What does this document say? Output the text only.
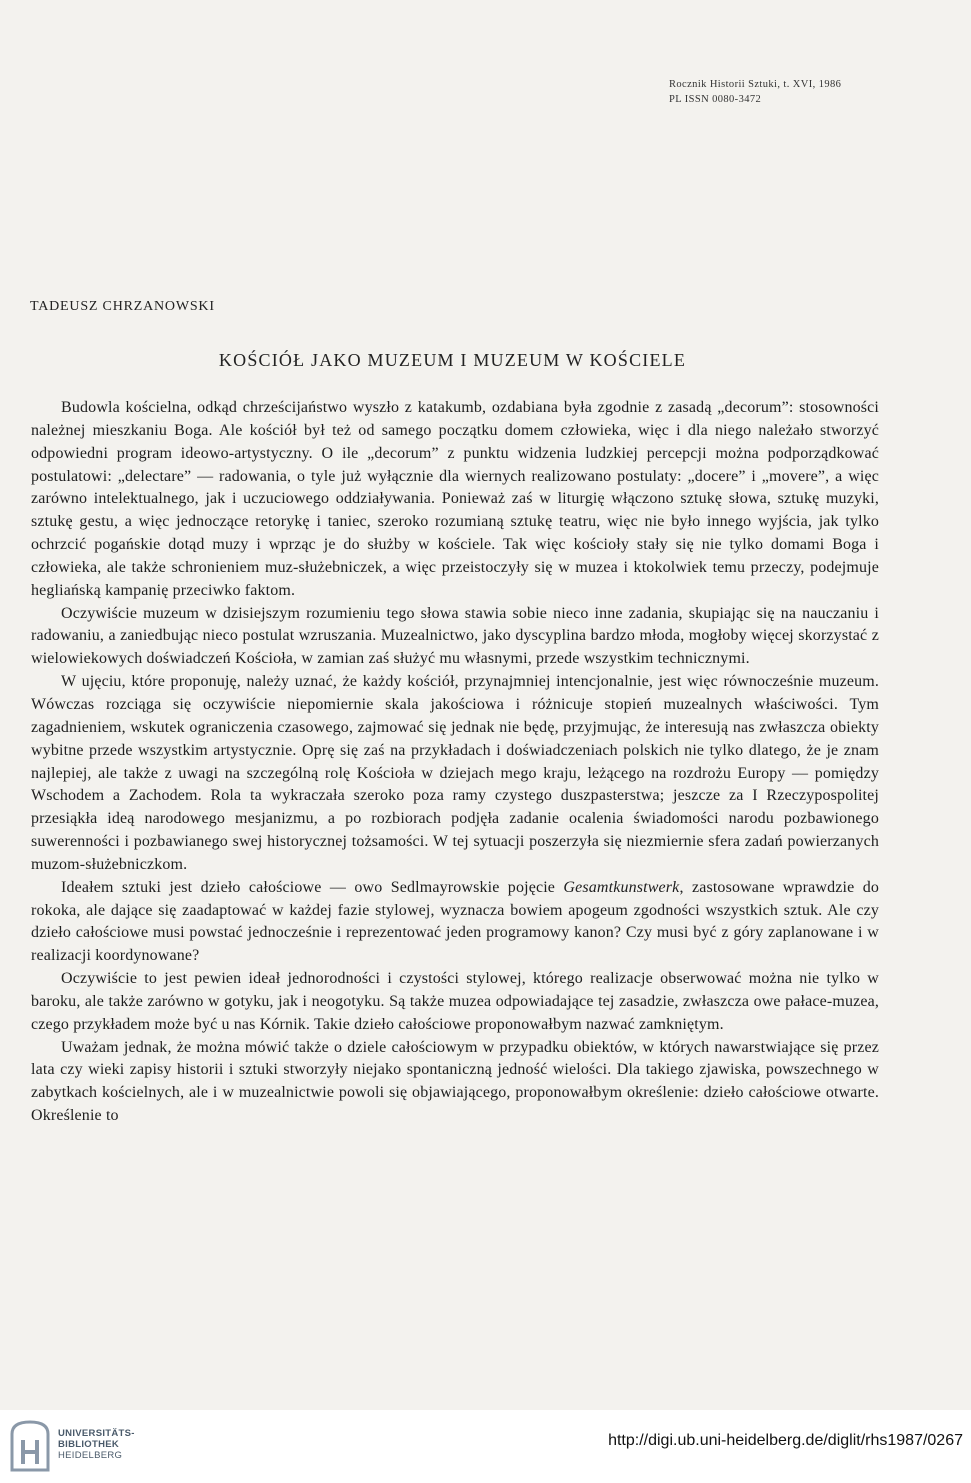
Rocznik Historii Sztuki, t. XVI, 1986
PL ISSN 0080-3472
TADEUSZ CHRZANOWSKI
KOŚCIÓŁ JAKO MUZEUM I MUZEUM W KOŚCIELE

Budowla kościelna, odkąd chrześcijaństwo wyszło z katakumb, ozdabiana była zgodnie z zasadą „decorum”: stosowności należnej mieszkaniu Boga. Ale kościół był też od samego początku domem człowieka, więc i dla niego należało stworzyć odpowiedni program ideowo-artystyczny. O ile „decorum” z punktu widzenia ludzkiej percepcji można podporządkować postulatowi: „delectare” — radowania, o tyle już wyłącznie dla wiernych realizowano postulaty: „docere” i „movere”, a więc zarówno intelektualnego, jak i uczuciowego oddziaływania. Ponieważ zaś w liturgię włączono sztukę słowa, sztukę muzyki, sztukę gestu, a więc jednoczące retorykę i taniec, szeroko rozumianą sztukę teatru, więc nie było innego wyjścia, jak tylko ochrzcić pogańskie dotąd muzy i wprząc je do służby w kościele. Tak więc kościoły stały się nie tylko domami Boga i człowieka, ale także schronieniem muz-służebniczek, a więc przeistoczyły się w muzea i ktokolwiek temu przeczy, podejmuje hegliańską kampanię przeciwko faktom.

Oczywiście muzeum w dzisiejszym rozumieniu tego słowa stawia sobie nieco inne zadania, skupiając się na nauczaniu i radowaniu, a zaniedbując nieco postulat wzruszania. Muzealnictwo, jako dyscyplina bardzo młoda, mogłoby więcej skorzystać z wielowiekowych doświadczeń Kościoła, w zamian zaś służyć mu własnymi, przede wszystkim technicznymi.

W ujęciu, które proponuję, należy uznać, że każdy kościół, przynajmniej intencjonalnie, jest więc równocześnie muzeum. Wówczas rozciąga się oczywiście niepomiernie skala jakościowa i różnicuje stopień muzealnych właściwości. Tym zagadnieniem, wskutek ograniczenia czasowego, zajmować się jednak nie będę, przyjmując, że interesują nas zwłaszcza obiekty wybitne przede wszystkim artystycznie. Oprę się zaś na przykładach i doświadczeniach polskich nie tylko dlatego, że je znam najlepiej, ale także z uwagi na szczególną rolę Kościoła w dziejach mego kraju, leżącego na rozdrożu Europy — pomiędzy Wschodem a Zachodem. Rola ta wykraczała szeroko poza ramy czystego duszpasterstwa; jeszcze za I Rzeczypospolitej przesiąkła ideą narodowego mesjanizmu, a po rozbiorach podjęła zadanie ocalenia świadomości narodu pozbawionego suwerenności i pozbawianego swej historycznej tożsamości. W tej sytuacji poszerzyła się niezmiernie sfera zadań powierzanych muzom-służebniczkom.

Ideałem sztuki jest dzieło całościowe — owo Sedlmayrowskie pojęcie Gesamtkunstwerk, zastosowane wprawdzie do rokoka, ale dające się zaadaptować w każdej fazie stylowej, wyznacza bowiem apogeum zgodności wszystkich sztuk. Ale czy dzieło całościowe musi powstać jednocześnie i reprezentować jeden programowy kanon? Czy musi być z góry zaplanowane i w realizacji koordynowane?

Oczywiście to jest pewien ideał jednorodności i czystości stylowej, którego realizacje obserwować można nie tylko w baroku, ale także zarówno w gotyku, jak i neogotyku. Są także muzea odpowiadające tej zasadzie, zwłaszcza owe pałace-muzea, czego przykładem może być u nas Kórnik. Takie dzieło całościowe proponowałbym nazwać zamkniętym.

Uważam jednak, że można mówić także o dziele całościowym w przypadku obiektów, w których nawarstwiające się przez lata czy wieki zapisy historii i sztuki stworzyły niejako spontaniczną jedność wielości. Dla takiego zjawiska, powszechnego w zabytkach kościelnych, ale i w muzealnictwie powoli się objawiającego, proponowałbym określenie: dzieło całościowe otwarte. Określenie to

UNIVERSITÄTS-
BIBLIOTHEK
HEIDELBERG
http://digi.ub.uni-heidelberg.de/diglit/rhs1987/0267
